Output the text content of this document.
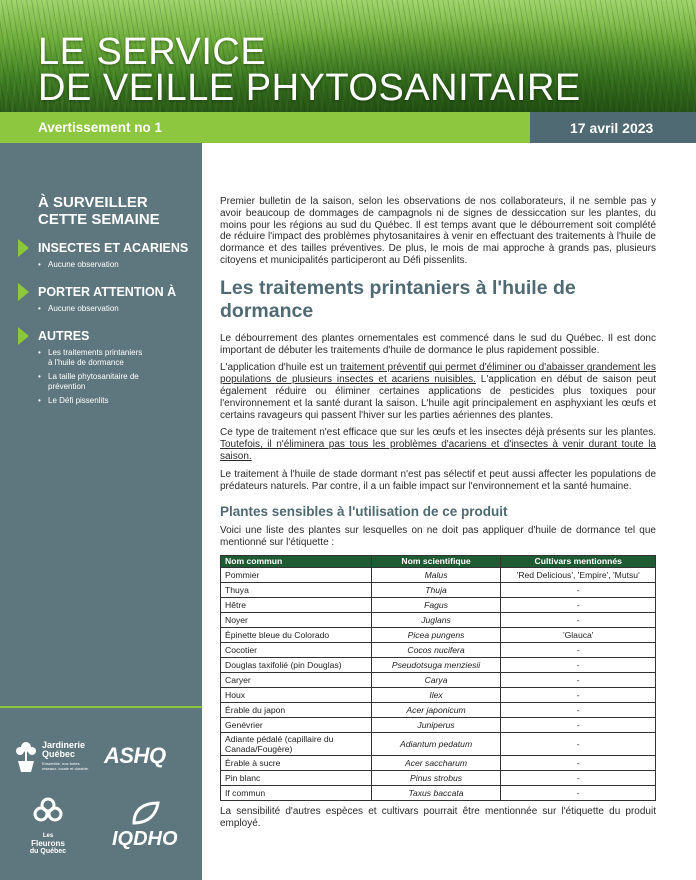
LE SERVICE
DE VEILLE PHYTOSANITAIRE
Avertissement no 1	17 avril 2023
À SURVEILLER
CETTE SEMAINE
INSECTES ET ACARIENS
• Aucune observation
PORTER ATTENTION À
• Aucune observation
AUTRES
• Les traitements printaniers à l'huile de dormance
• La taille phytosanitaire de prévention
• Le Défi pissenlits
Jardinerie
Québec
Ensemble, nos fortes réseaux, locale et durable.
ASHQ
Les
Fleurons
du Québec
IQDHO

Premier bulletin de la saison, selon les observations de nos collaborateurs, il ne semble pas y avoir beaucoup de dommages de campagnols ni de signes de dessiccation sur les plantes, du moins pour les régions au sud du Québec. Il est temps avant que le débourrement soit complété de réduire l'impact des problèmes phytosanitaires à venir en effectuant des traitements à l'huile de dormance et des tailles préventives. De plus, le mois de mai approche à grands pas, plusieurs citoyens et municipalités participeront au Défi pissenlits.

Les traitements printaniers à l'huile de dormance

Le débourrement des plantes ornementales est commencé dans le sud du Québec. Il est donc important de débuter les traitements d'huile de dormance le plus rapidement possible.

L'application d'huile est un traitement préventif qui permet d'éliminer ou d'abaisser grandement les populations de plusieurs insectes et acariens nuisibles. L'application en début de saison peut également réduire ou éliminer certaines applications de pesticides plus toxiques pour l'environnement et la santé durant la saison. L'huile agit principalement en asphyxiant les œufs et certains ravageurs qui passent l'hiver sur les parties aériennes des plantes.

Ce type de traitement n'est efficace que sur les œufs et les insectes déjà présents sur les plantes. Toutefois, il n'éliminera pas tous les problèmes d'acariens et d'insectes à venir durant toute la saison.

Le traitement à l'huile de stade dormant n'est pas sélectif et peut aussi affecter les populations de prédateurs naturels. Par contre, il a un faible impact sur l'environnement et la santé humaine.

Plantes sensibles à l'utilisation de ce produit

Voici une liste des plantes sur lesquelles on ne doit pas appliquer d'huile de dormance tel que mentionné sur l'étiquette :

Nom commun	Nom scientifique	Cultivars mentionnés
Pommier	Malus	'Red Delicious', 'Empire', 'Mutsu'
Thuya	Thuja	-
Hêtre	Fagus	-
Noyer	Juglans	-
Épinette bleue du Colorado	Picea pungens	'Glauca'
Cocotier	Cocos nucifera	-
Douglas taxifolié (pin Douglas)	Pseudotsuga menziesii	-
Caryer	Carya	-
Houx	Ilex	-
Érable du japon	Acer japonicum	-
Genévrier	Juniperus	-
Adiante pédalé (capillaire du Canada/Fougère)	Adiantum pedatum	-
Érable à sucre	Acer saccharum	-
Pin blanc	Pinus strobus	-
If commun	Taxus baccata	-

La sensibilité d'autres espèces et cultivars pourrait être mentionnée sur l'étiquette du produit employé.
